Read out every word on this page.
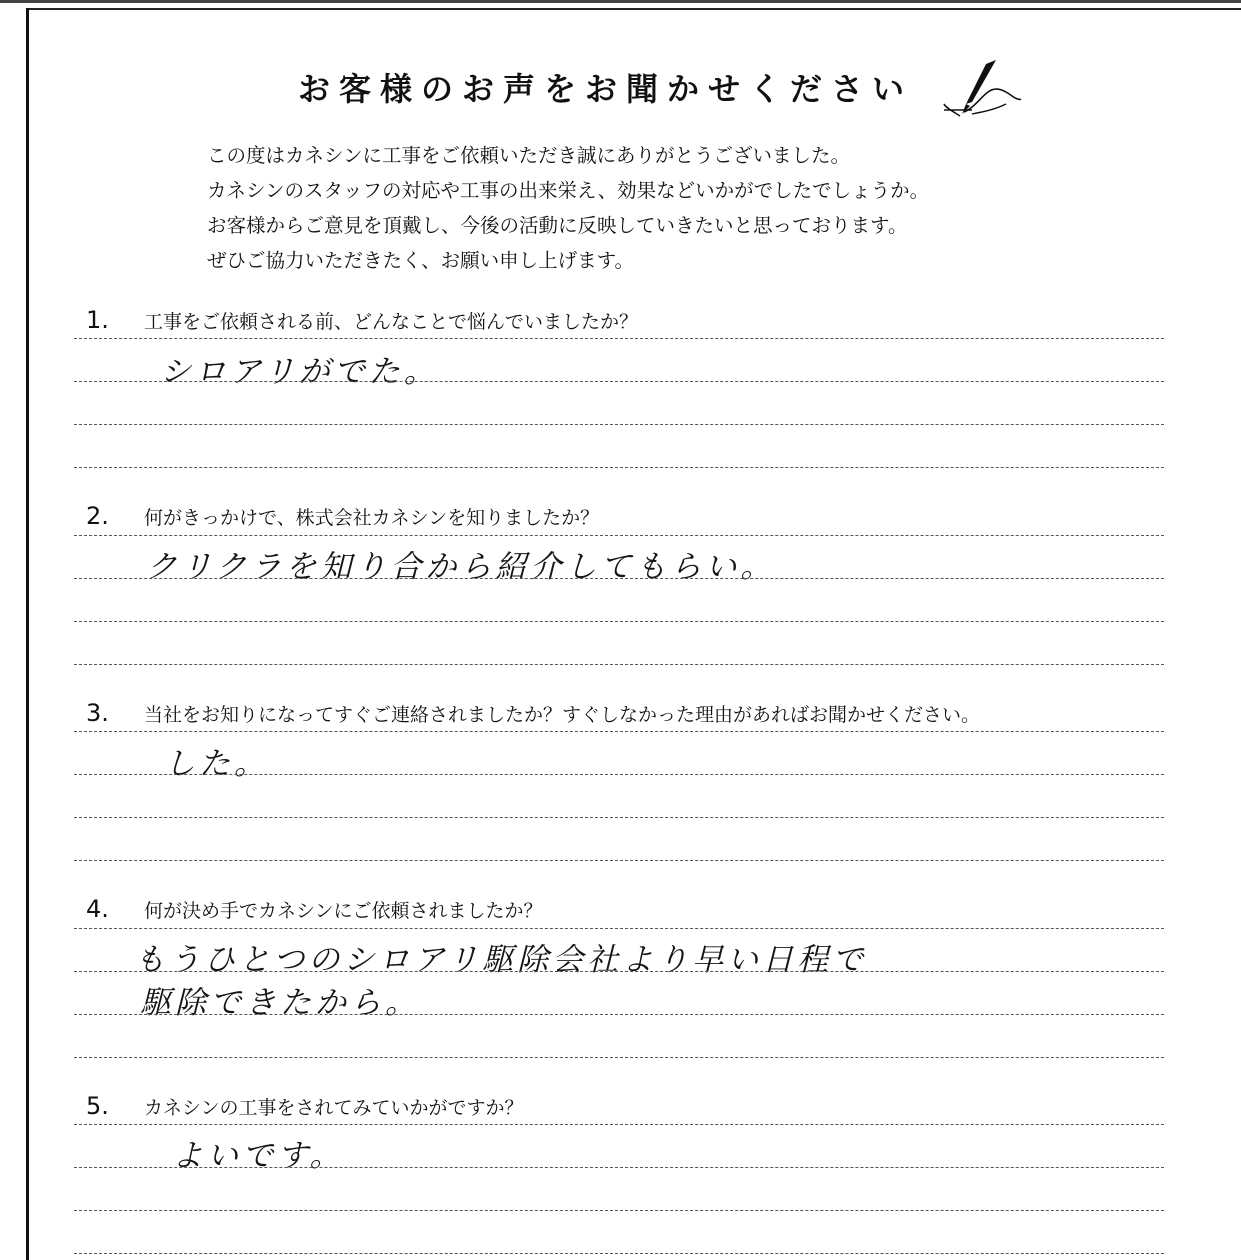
お客様のお声をお聞かせください
この度はカネシンに工事をご依頼いただき誠にありがとうございました。
カネシンのスタッフの対応や工事の出来栄え、効果などいかがでしたでしょうか。
お客様からご意見を頂戴し、今後の活動に反映していきたいと思っております。
ぜひご協力いただきたく、お願い申し上げます。
1. 工事をご依頼される前、どんなことで悩んでいましたか？
シロアリがでた。
2. 何がきっかけで、株式会社カネシンを知りましたか？
クリクラを知り合から紹介してもらい。
3. 当社をお知りになってすぐご連絡されましたか？すぐしなかった理由があればお聞かせください。
した。
4. 何が決め手でカネシンにご依頼されましたか？
もうひとつのシロアリ駆除会社より早い日程で
駆除できたから。
5. カネシンの工事をされてみていかがですか？
よいです。
